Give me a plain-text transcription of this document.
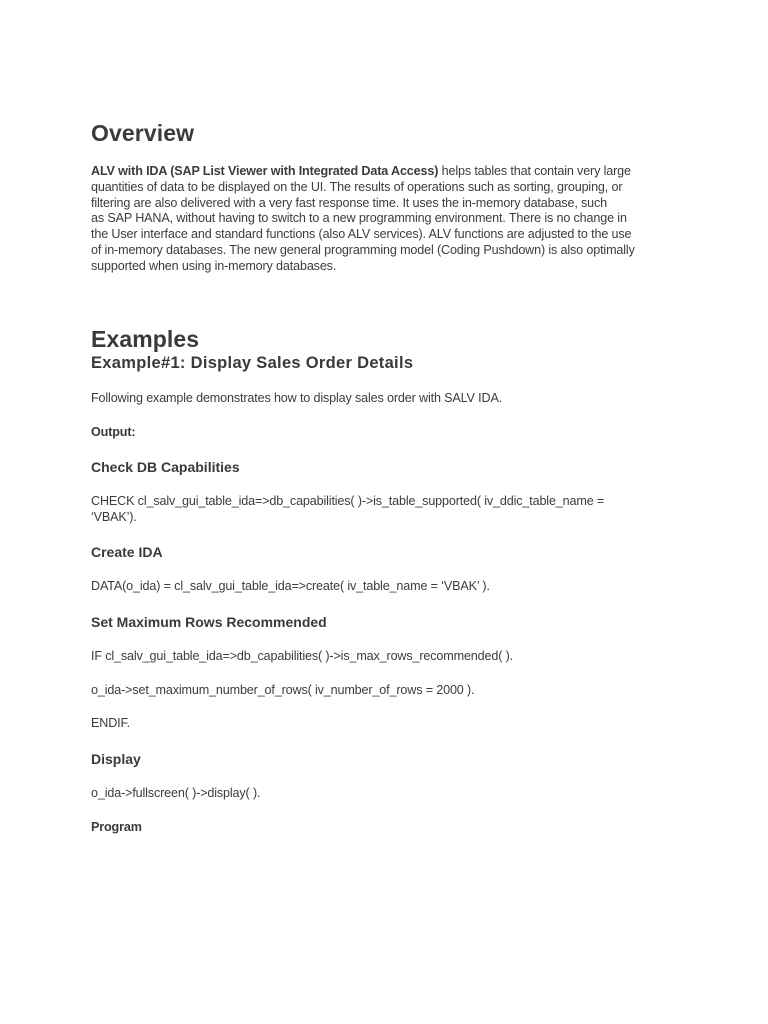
Overview
ALV with IDA (SAP List Viewer with Integrated Data Access) helps tables that contain very large
quantities of data to be displayed on the UI. The results of operations such as sorting, grouping, or
filtering are also delivered with a very fast response time. It uses the in-memory database, such
as SAP HANA, without having to switch to a new programming environment. There is no change in
the User interface and standard functions (also ALV services). ALV functions are adjusted to the use
of in-memory databases. The new general programming model (Coding Pushdown) is also optimally
supported when using in-memory databases.
Examples
Example#1: Display Sales Order Details
Following example demonstrates how to display sales order with SALV IDA.
Output:
Check DB Capabilities
CHECK cl_salv_gui_table_ida=>db_capabilities( )->is_table_supported( iv_ddic_table_name =
‘VBAK’).
Create IDA
DATA(o_ida) = cl_salv_gui_table_ida=>create( iv_table_name = ‘VBAK’ ).
Set Maximum Rows Recommended
IF cl_salv_gui_table_ida=>db_capabilities( )->is_max_rows_recommended( ).
o_ida->set_maximum_number_of_rows( iv_number_of_rows = 2000 ).
ENDIF.
Display
o_ida->fullscreen( )->display( ).
Program
